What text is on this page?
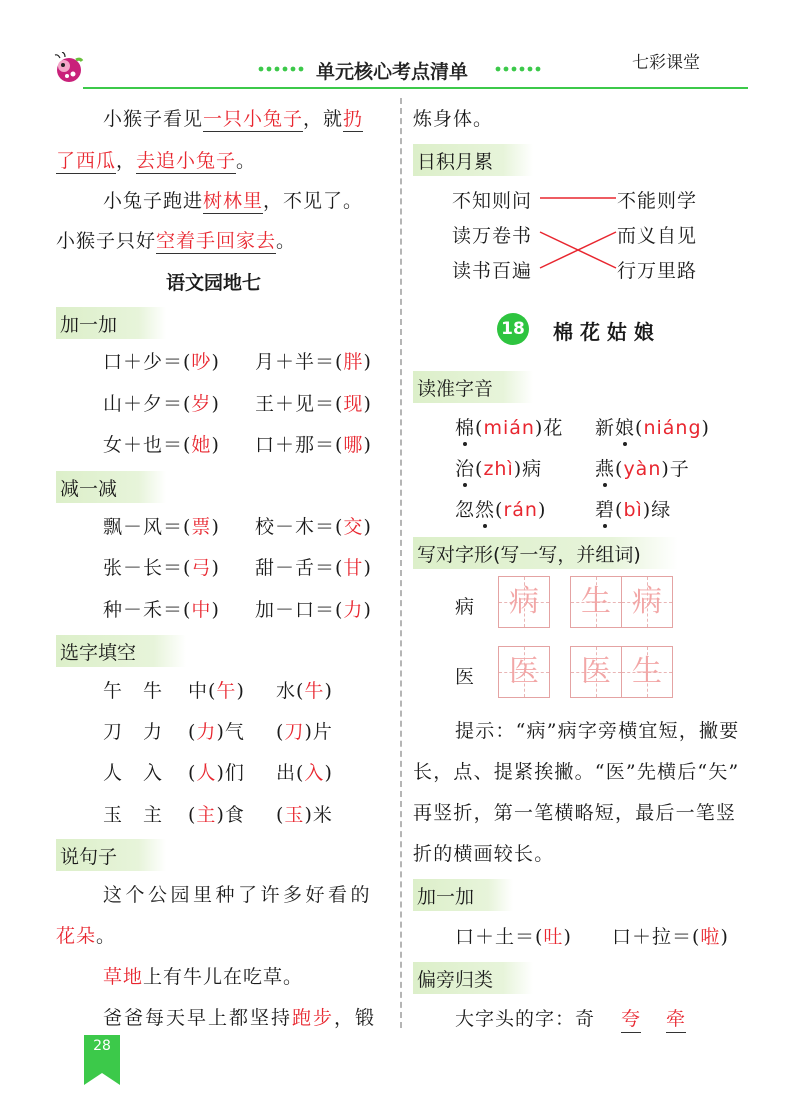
单元核心考点清单	七彩课堂
小猴子看见一只小兔子，就扔
了西瓜，去追小兔子。
小兔子跑进树林里，不见了。
小猴子只好空着手回家去。
语文园地七
加一加
口＋少＝(吵) 月＋半＝(胖)
山＋夕＝(岁) 王＋见＝(现)
女＋也＝(她) 口＋那＝(哪)
减一减
飘－风＝(票) 校－木＝(交)
张－长＝(弓) 甜－舌＝(甘)
种－禾＝(中) 加－口＝(力)
选字填空
午　牛 中(午) 水(牛)
刀　力 (力)气 (刀)片
人　入 (人)们 出(入)
玉　主 (主)食 (玉)米
说句子
这个公园里种了许多好看的
花朵。
草地上有牛儿在吃草。
爸爸每天早上都坚持跑步，锻
28
炼身体。
日积月累
不知则问
读万卷书
读书百遍
不能则学
而义自见
行万里路
18 棉 花 姑 娘
读准字音
棉(mián)花 新娘(niáng)
治(zhì)病	燕(yàn)子
忽然(rán)	碧(bì)绿
写对字形(写一写，并组词)
病	病	生 病
医	医	医 生
提示：“病”病字旁横宜短，撇要
长，点、提紧挨撇。“医”先横后“矢”
再竖折，第一笔横略短，最后一笔竖
折的横画较长。
加一加
口＋土＝(吐) 口＋拉＝(啦)
偏旁归类
大字头的字：奇 夸 牵
